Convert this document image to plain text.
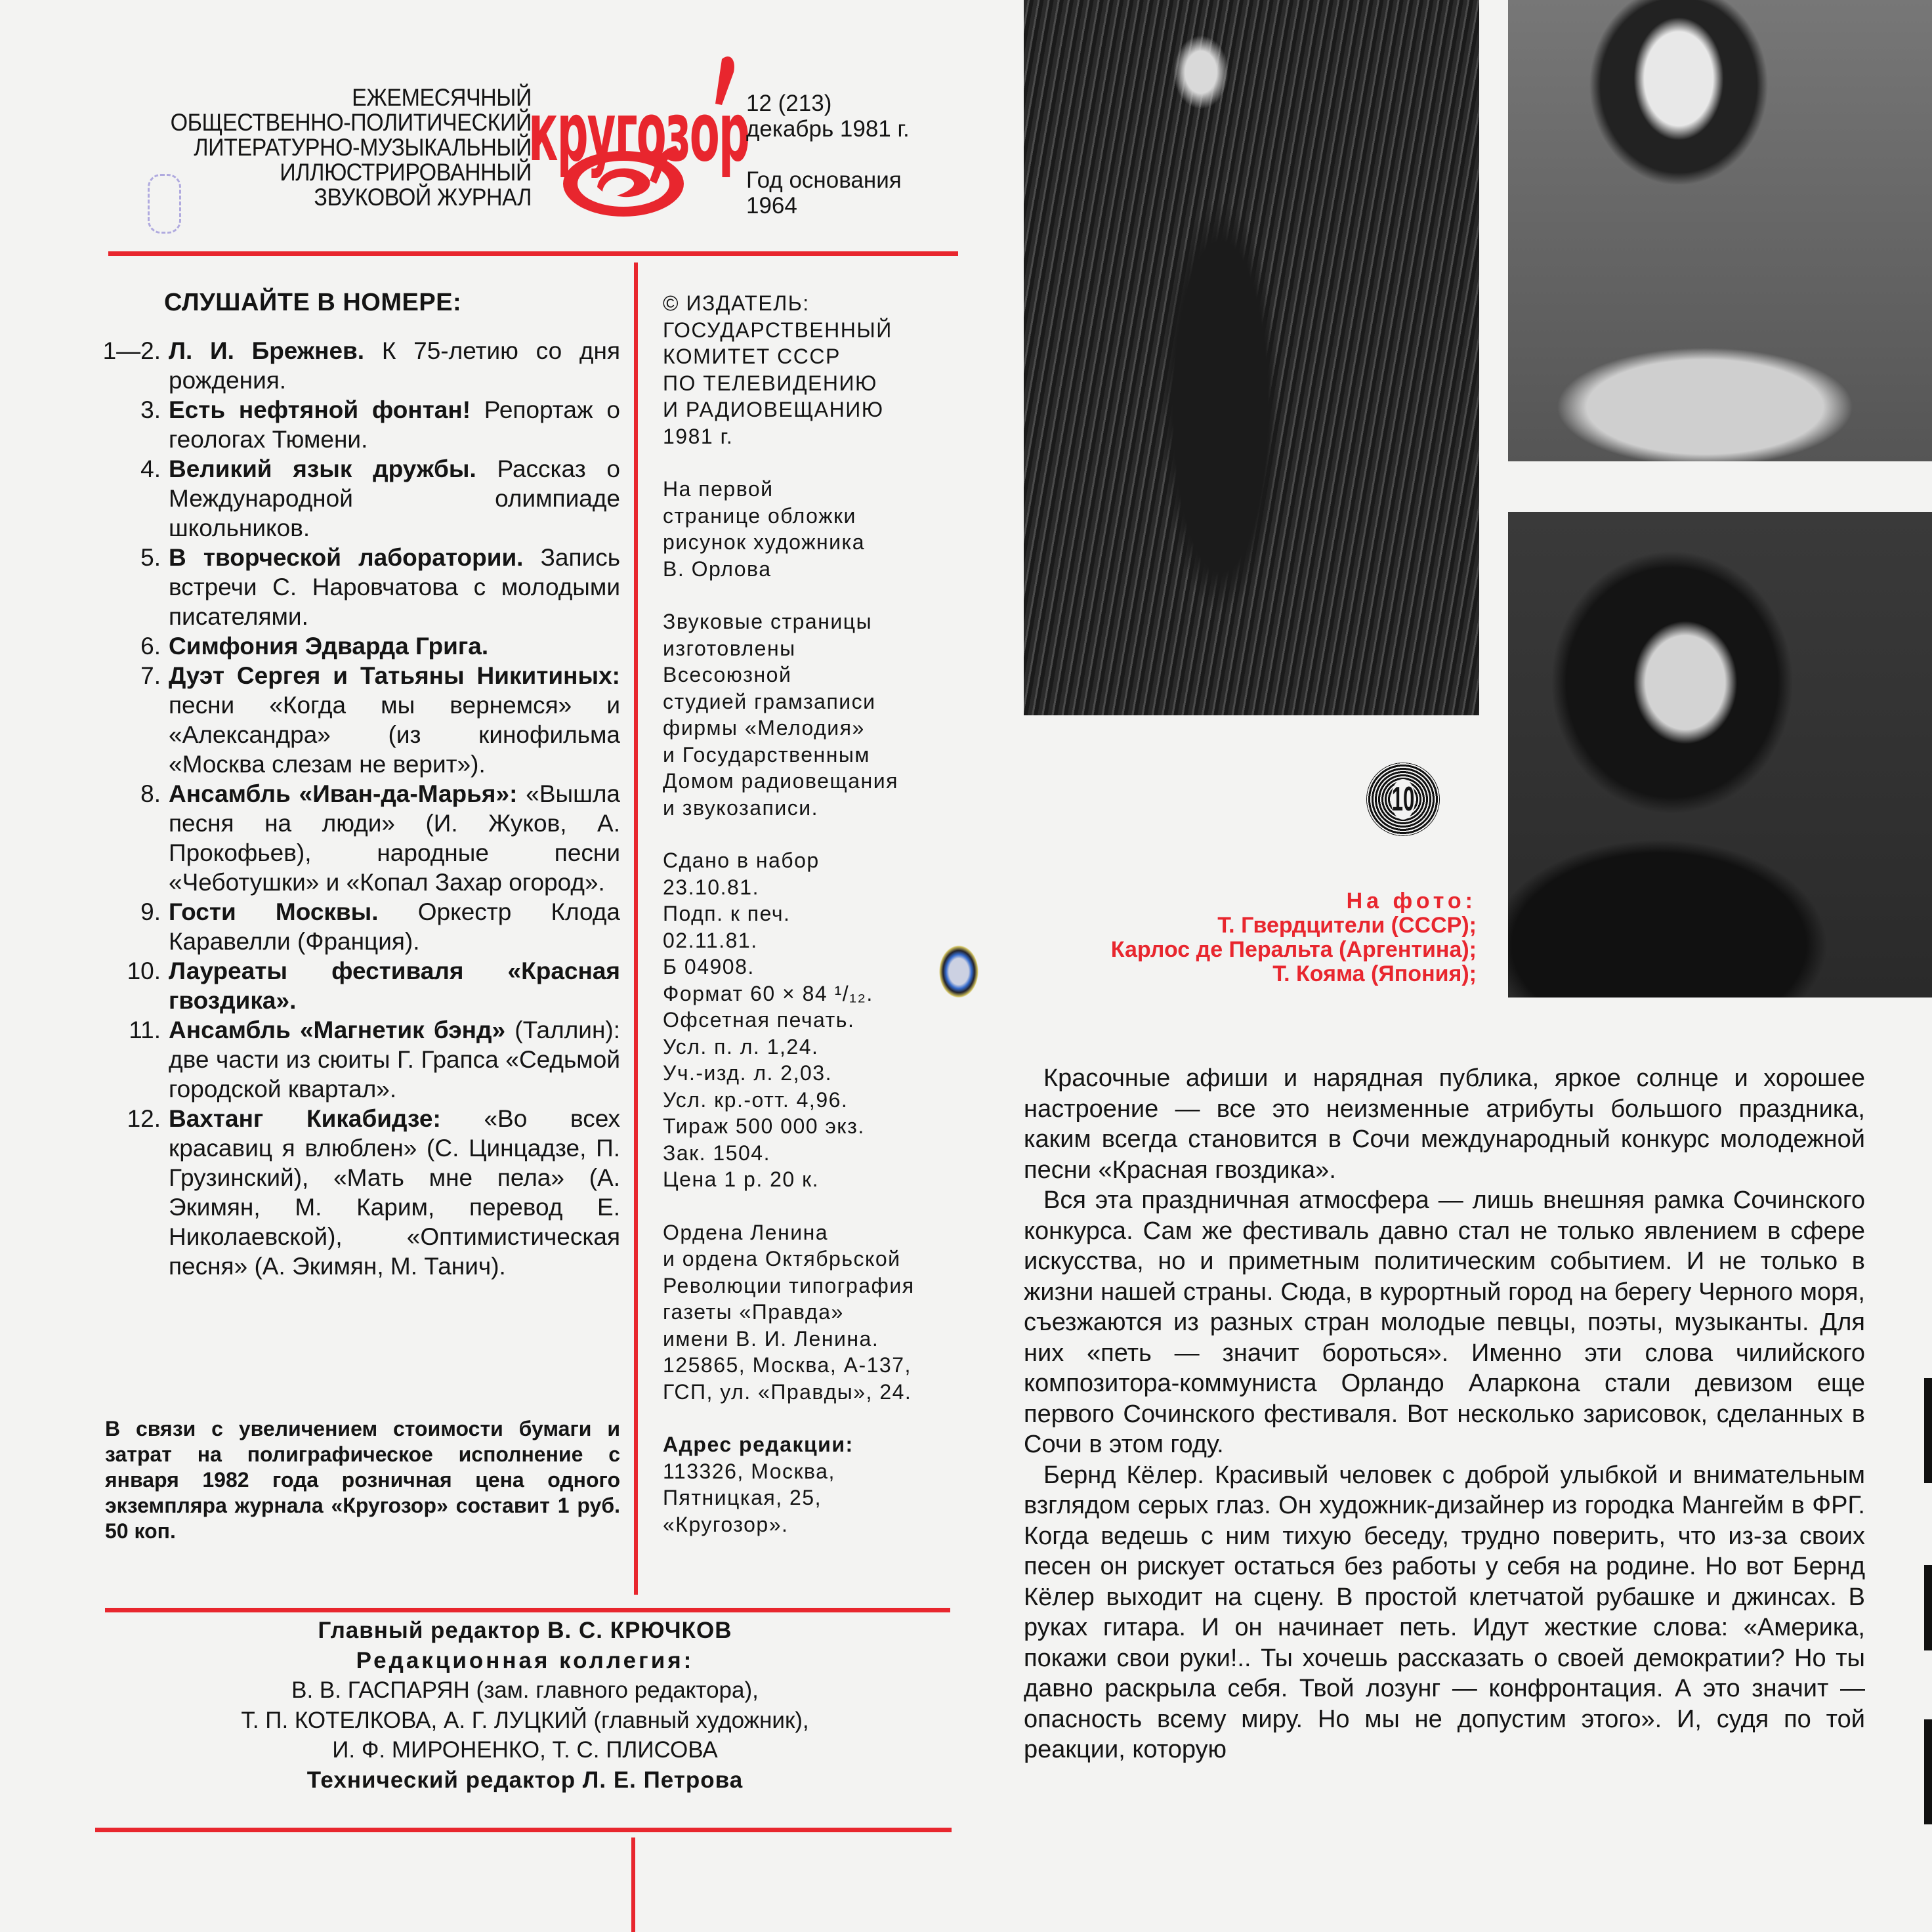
ЕЖЕМЕСЯЧНЫЙ
ОБЩЕСТВЕННО-ПОЛИТИЧЕСКИЙ
ЛИТЕРАТУРНО-МУЗЫКАЛЬНЫЙ
ИЛЛЮСТРИРОВАННЫЙ
ЗВУКОВОЙ ЖУРНАЛ
кругозор
12 (213)
декабрь 1981 г.
Год основания
1964
СЛУШАЙТЕ В НОМЕРЕ:
1—2. Л. И. Брежнев. К 75-летию со дня рождения.
3. Есть нефтяной фонтан! Репортаж о геологах Тюмени.
4. Великий язык дружбы. Рассказ о Международной олимпиаде школьников.
5. В творческой лаборатории. Запись встречи С. Наровчатова с молодыми писателями.
6. Симфония Эдварда Грига.
7. Дуэт Сергея и Татьяны Никитиных: песни «Когда мы вернемся» и «Александра» (из кинофильма «Москва слезам не верит»).
8. Ансамбль «Иван-да-Марья»: «Вышла песня на люди» (И. Жуков, А. Прокофьев), народные песни «Чеботушки» и «Копал Захар огород».
9. Гости Москвы. Оркестр Клода Каравелли (Франция).
10. Лауреаты фестиваля «Красная гвоздика».
11. Ансамбль «Магнетик бэнд» (Таллин): две части из сюиты Г. Грапса «Седьмой городской квартал».
12. Вахтанг Кикабидзе: «Во всех красавиц я влюблен» (С. Цинцадзе, П. Грузинский), «Мать мне пела» (А. Экимян, М. Карим, перевод Е. Николаевской), «Оптимистическая песня» (А. Экимян, М. Танич).
В связи с увеличением стоимости бумаги и затрат на полиграфическое исполнение с января 1982 года розничная цена одного экземпляра журнала «Кругозор» составит 1 руб. 50 коп.
© ИЗДАТЕЛЬ:
ГОСУДАРСТВЕННЫЙ
КОМИТЕТ СССР
ПО ТЕЛЕВИДЕНИЮ
И РАДИОВЕЩАНИЮ
1981 г.
На первой
странице обложки
рисунок художника
В. Орлова
Звуковые страницы
изготовлены
Всесоюзной
студией грамзаписи
фирмы «Мелодия»
и Государственным
Домом радиовещания
и звукозаписи.
Сдано в набор
23.10.81.
Подп. к печ.
02.11.81.
Б 04908.
Формат 60 × 84 ¹/₁₂.
Офсетная печать.
Усл. п. л. 1,24.
Уч.-изд. л. 2,03.
Усл. кр.-отт. 4,96.
Тираж 500 000 экз.
Зак. 1504.
Цена 1 р. 20 к.
Ордена Ленина
и ордена Октябрьской
Революции типография
газеты «Правда»
имени В. И. Ленина.
125865, Москва, А-137,
ГСП, ул. «Правды», 24.
Адрес редакции:
113326, Москва,
Пятницкая, 25,
«Кругозор».
Главный редактор В. С. КРЮЧКОВ
Редакционная коллегия:
В. В. ГАСПАРЯН (зам. главного редактора),
Т. П. КОТЕЛКОВА, А. Г. ЛУЦКИЙ (главный художник),
И. Ф. МИРОНЕНКО, Т. С. ПЛИСОВА
Технический редактор Л. Е. Петрова
10
На фото:
Т. Гвердцители (СССР);
Карлос де Перальта (Аргентина);
Т. Кояма (Япония);

Красочные афиши и нарядная публика, яркое солнце и хорошее настроение — все это неизменные атрибуты большого праздника, каким всегда становится в Сочи международный конкурс молодежной песни «Красная гвоздика».

Вся эта праздничная атмосфера — лишь внешняя рамка Сочинского конкурса. Сам же фестиваль давно стал не только явлением в сфере искусства, но и приметным политическим событием. И не только в жизни нашей страны. Сюда, в курортный город на берегу Черного моря, съезжаются из разных стран молодые певцы, поэты, музыканты. Для них «петь — значит бороться». Именно эти слова чилийского композитора-коммуниста Орландо Аларкона стали девизом еще первого Сочинского фестиваля. Вот несколько зарисовок, сделанных в Сочи в этом году.

Бернд Кёлер. Красивый человек с доброй улыбкой и внимательным взглядом серых глаз. Он художник-дизайнер из городка Мангейм в ФРГ. Когда ведешь с ним тихую беседу, трудно поверить, что из-за своих песен он рискует остаться без работы у себя на родине. Но вот Бернд Кёлер выходит на сцену. В простой клетчатой рубашке и джинсах. В руках гитара. И он начинает петь. Идут жесткие слова: «Америка, покажи свои руки!.. Ты хочешь рассказать о своей демократии? Но ты давно раскрыла себя. Твой лозунг — конфронтация. А это значит — опасность всему миру. Но мы не допустим этого». И, судя по той реакции, которую
